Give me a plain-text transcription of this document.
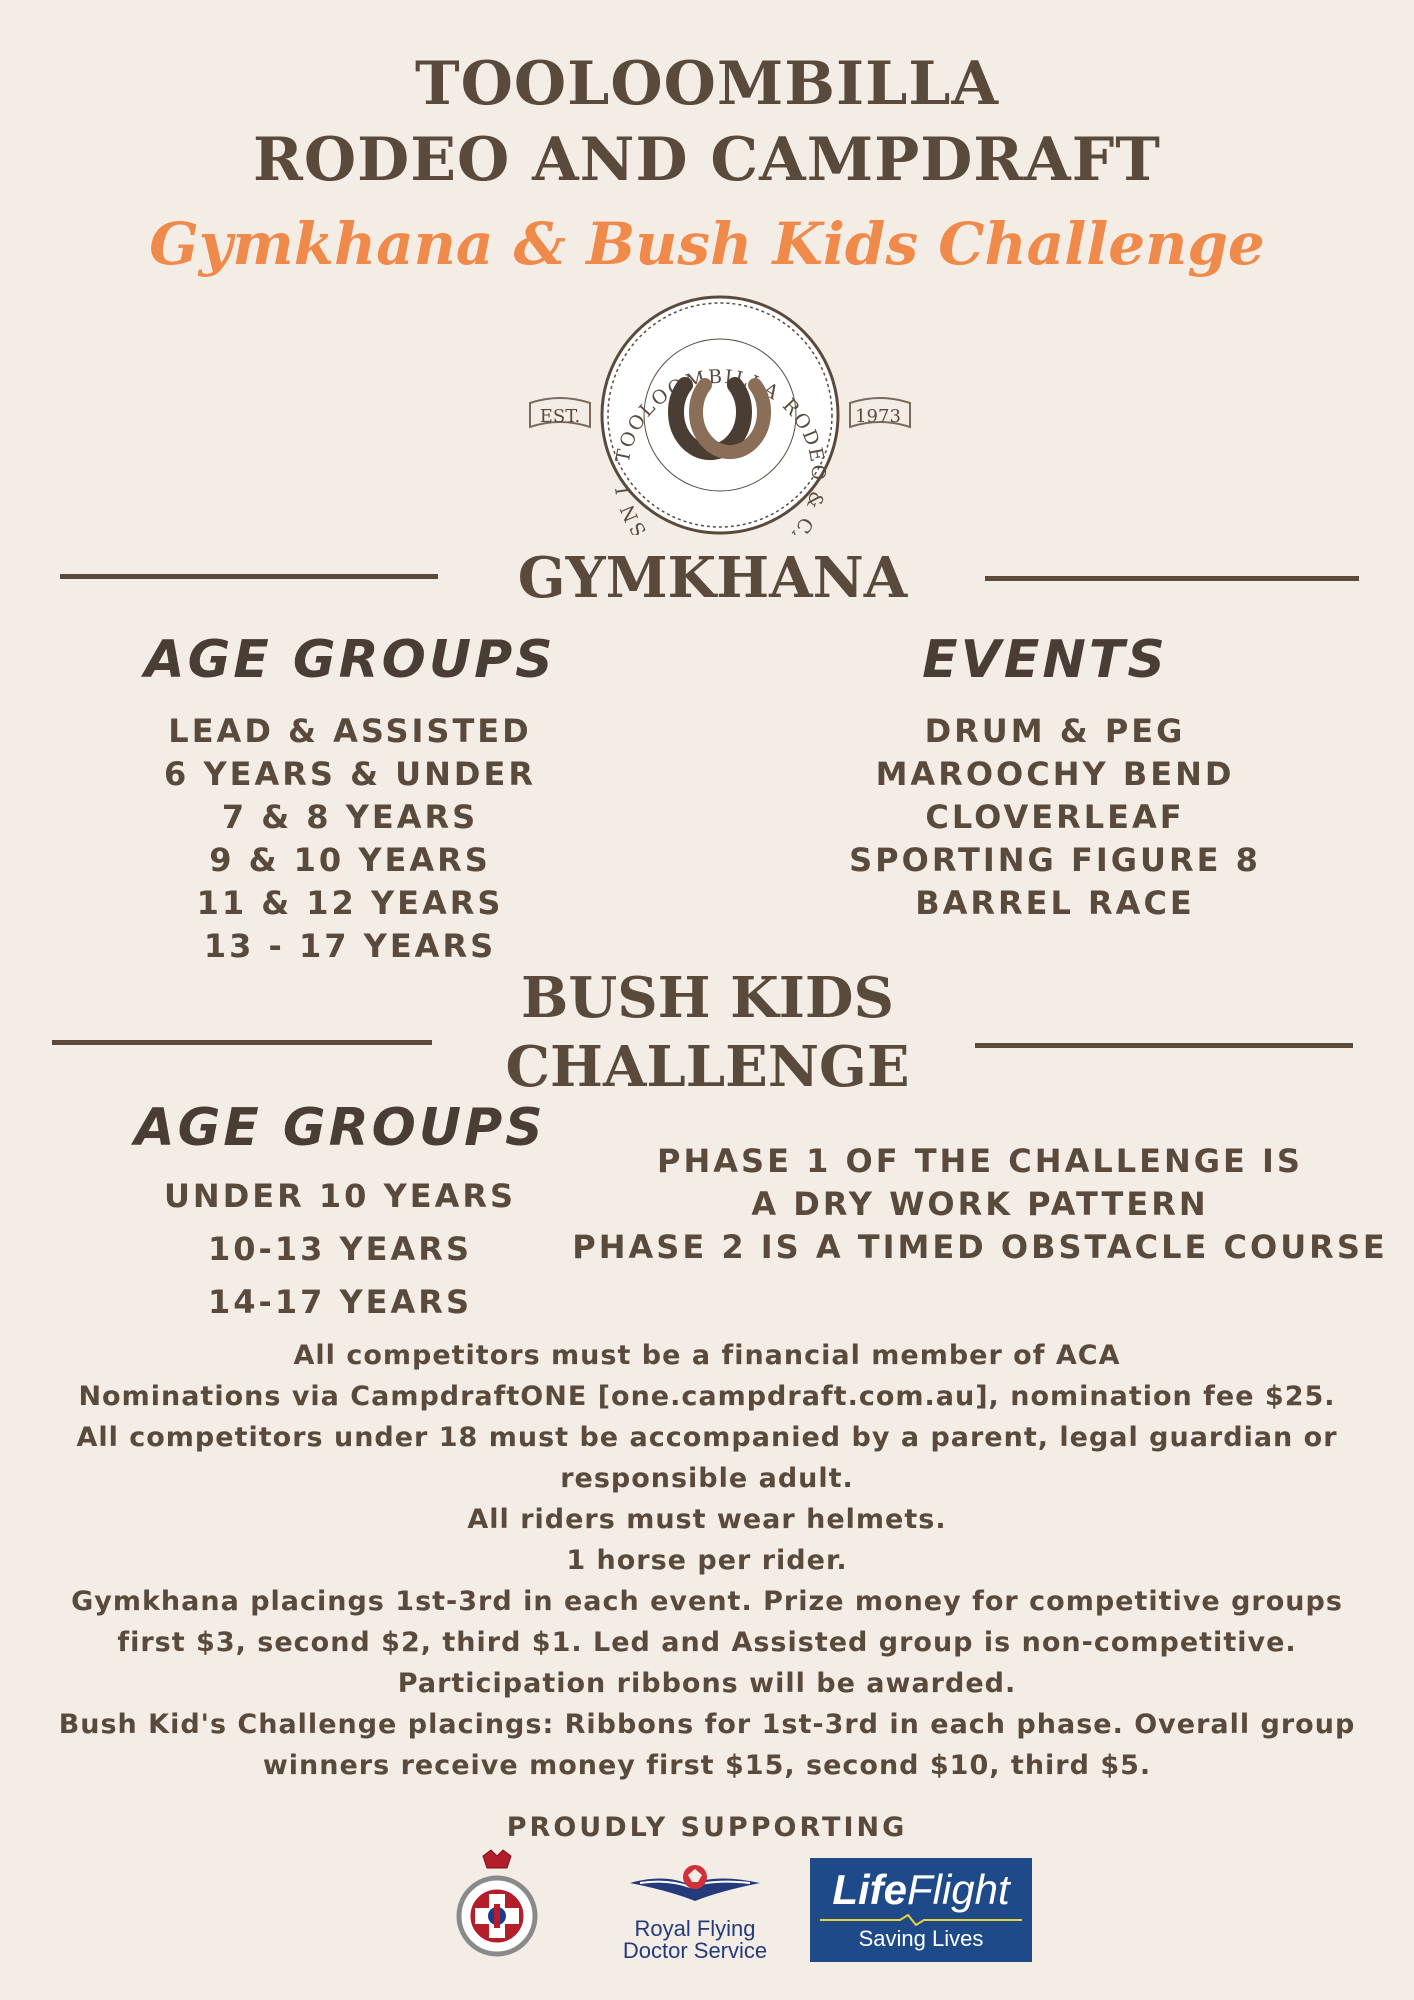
TOOLOOMBILLA
RODEO AND CAMPDRAFT
Gymkhana & Bush Kids Challenge
EST.	1973
TOOLOOMBILLA RODEO & C SN I
GYMKHANA
AGE GROUPS	EVENTS
LEAD & ASSISTED
6 YEARS & UNDER
7 & 8 YEARS
9 & 10 YEARS
11 & 12 YEARS
13 - 17 YEARS
DRUM & PEG
MAROOCHY BEND
CLOVERLEAF
SPORTING FIGURE 8
BARREL RACE
BUSH KIDS
CHALLENGE
AGE GROUPS
UNDER 10 YEARS
10-13 YEARS
14-17 YEARS
PHASE 1 OF THE CHALLENGE IS
A DRY WORK PATTERN
PHASE 2 IS A TIMED OBSTACLE COURSE
All competitors must be a financial member of ACA
Nominations via CampdraftONE [one.campdraft.com.au], nomination fee $25.
All competitors under 18 must be accompanied by a parent, legal guardian or
responsible adult.
All riders must wear helmets.
1 horse per rider.
Gymkhana placings 1st-3rd in each event. Prize money for competitive groups
first $3, second $2, third $1. Led and Assisted group is non-competitive.
Participation ribbons will be awarded.
Bush Kid's Challenge placings: Ribbons for 1st-3rd in each phase. Overall group
winners receive money first $15, second $10, third $5.
PROUDLY SUPPORTING
Royal Flying
Doctor Service
LifeFlight
Saving Lives
